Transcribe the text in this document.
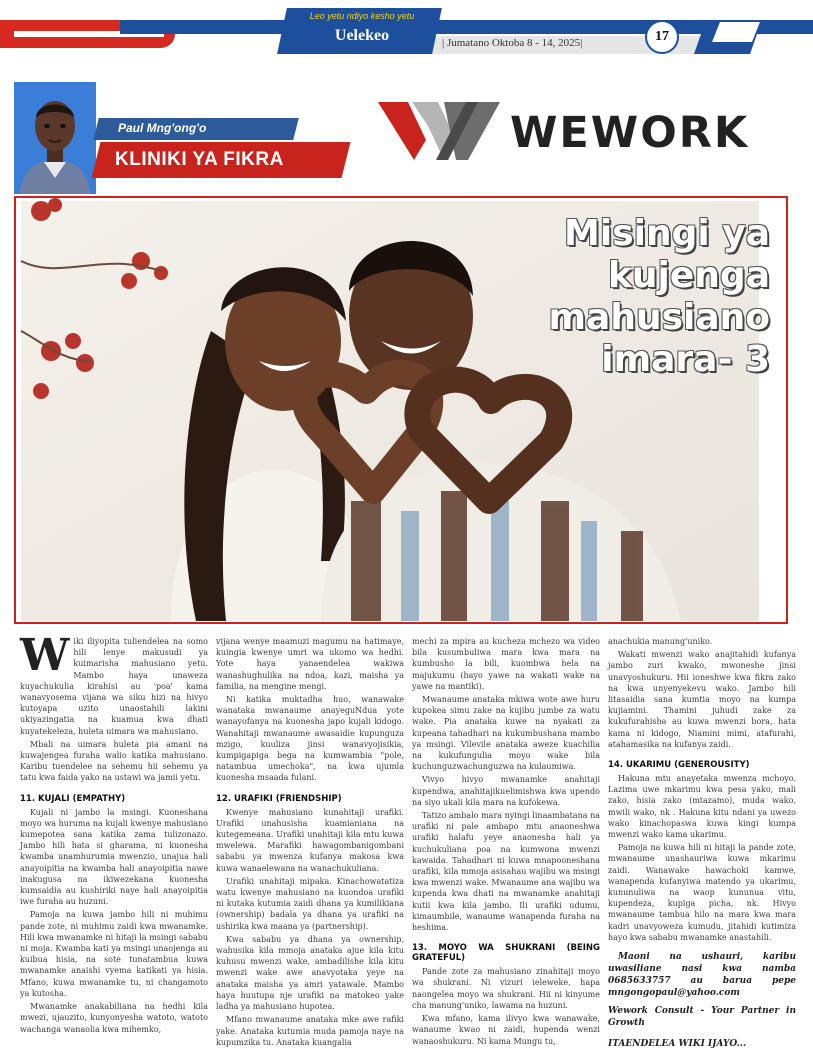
Leo yetu ndiyo kesho yetu
Uelekeo	| Jumatano Oktoba 8 - 14, 2025|	17
Paul Mng'ong'o
KLINIKI YA FIKRA
WEWORK
Misingi ya
kujenga
mahusiano
imara- 3

Wiki iliyopita tuliendelea na somo hili lenye makusudi ya kuimarisha mahusiano yetu. Mambo haya unaweza kuyachukulia kirahisi au 'poa' kama wanavyosema vijana wa siku hizi na hivyo kutoyapa uzito unaostahili lakini ukiyazingatia na kuamua kwa dhati kuyatekeleza, huleta uimara wa mahusiano.

Mbali na uimara huleta pia amani na kuwajengea furaha walio katika mahusiano. Karibu tuendelee na sehemu hii sehemu ya tatu kwa faida yako na ustawi wa jamii yetu.

11. KUJALI (EMPATHY)

Kujali ni jambo la msingi. Kuoneshana moyo wa huruma na kujali kwenye mahusiano kumepotea sana katika zama tulizonazo. Jambo hili hata si gharama, ni kuonesha kwamba unamhurumia mwenzio, unajua hali anayoipitia na kwamba hali anayoipitia nawe inakugusa na ikiwezekana kuonesha kumsaidia au kushiriki naye hali anayoipitia iwe furaha au huzuni.

Pamoja na kuwa jambo hili ni muhimu pande zote, ni muhimu zaidi kwa mwanamke. Hili kwa mwanamke ni hitaji la msingi sababu ni moja. Kwamba kati ya msingi unaojenga au kuibua hisia, na sote tunatambua kuwa mwanamke anaishi vyema katikati ya hisia. Mfano, kuwa mwanamke tu, ni changamoto ya kutosha.

Mwanamke anakabiliana na hedhi kila mwezi, ujauzito, kunyonyesha watoto, watoto wachanga wanaolia kwa mihemko,

vijana wenye maamuzi magumu na hatimaye, kuingia kwenye umri wa ukomo wa hedhi. Yote haya yanaendelea wakiwa wanashughulika na ndoa, kazi, maisha ya familia, na mengine mengi.

Ni katika muktadha huo, wanawake wanataka mwanaume anayeguNdua yote wanayofanya na kuonesha japo kujali kidogo. Wanahitaji mwanaume awasaidie kupunguza mzigo, kuuliza jinsi wanavyojisikia, kumpigapiga bega na kumwambia "pole, natambua umechoka", na kwa ujumla kuonesha msaada fulani.

12. URAFIKI (FRIENDSHIP)

Kwenye mahusiano kunahitaji urafiki. Urafiki unahusisha kuamianiana na kutegemeana. Urafiki unahitaji kila mtu kuwa mwelewa. Marafiki hawagombanigombani sababu ya mwenza kufanya makosa kwa kuwa wanaelewana na wanachukuliana.

Urafiki unahitaji mipaka. Kinachowatatiza watu kwenye mahusiano na kuondoa urafiki ni kutaka kutumia zaidi dhana ya kumilikiana (ownership) badala ya dhana ya urafiki na ushirika kwa maana ya (partnership).

Kwa sababu ya dhana ya ownership, wahusika kila mmoja anataka ajue kila kitu kuhusu mwenzi wake, ambadilishe kila kitu mwenzi wake awe anavyotaka yeye na anataka maisha ya amri yatawale. Mambo haya huutupa nje urafiki na matokeo yake ladha ya mahusiano hupotea.

Mfano mwanaume anataka mke awe rafiki yake. Anataka kutumia muda pamoja naye na kupumzika tu. Anataka kuangalia

mechi za mpira au kucheza mchezo wa video bila kusumbuliwa mara kwa mara na kumbusho la bili, kuombwa hela na majukumu (hayo yawe na wakati wake na yawe na mantiki).

Mwanaume anataka mkiwa wote awe huru kupokea simu zake na kujibu jumbe za watu wake. Pia anataka kuwe na nyakati za kupeana tahadhari na kukumbushana mambo ya msingi. Vilevile anataka aweze kuachilia na kukufungulia moyo wake bila kuchunguzwachunguzwa na kulaumiwa.

Vivyo hivyo mwanamke anahitaji kupendwa, anahitajikuelimishwa kwa upendo na siyo ukali kila mara na kufokewa.

Tatizo ambalo mara nyingi linaambatana na urafiki ni pale ambapo mtu anaoneshwa urafiki halafu yeye anaonesha hali ya kuchukuliana poa na kumwona mwenzi kawaida. Tahadhari ni kuwa mnapooneshana urafiki, kila mmoja asisahau wajibu wa msingi kwa mwenzi wake. Mwanaume ana wajibu wa kupenda kwa dhati na mwanamke anahitaji kutii kwa kila jambo. Ili urafiki udumu, kimaumbile, wanaume wanapenda furaha na heshima.

13. MOYO WA SHUKRANI (BEING GRATEFUL)

Pande zote za mahusiano zinahitaji moyo wa shukrani. Ni vizuri ieleweke, hapa naongelea moyo wa shukrani. Hii ni kinyume cha manung'uniko, lawama na huzuni.

Kwa mfano, kama ilivyo kwa wanawake, wanaume kwao ni zaidi, hupenda wenzi wanaoshukuru. Ni kama Mungu tu,

anachukia manung'uniko.

Wakati mwenzi wako anajitahidi kufanya jambo zuri kwako, mwoneshe jinsi unavyoshukuru. Hii ioneshwe kwa fikra zako na kwa unyenyekevu wako. Jambo hili litasaidia sana kumtia moyo na kumpa kujiamini. Thamini juhudi zake za kukufurahisha au kuwa mwenzi bora, hata kama ni kidogo, Niamini mimi, atafurahi, atahamasika na kufanya zaidi.

14. UKARIMU (GENEROUSITY)

Hakuna mtu anayetaka mwenza mchoyo. Lazima uwe mkarimu kwa pesa yako, mali zako, hisia zako (mtazamo), muda wako, mwili wako, nk . Hakuna kitu ndani ya uwezo wako kinachopaswa kuwa kingi kumpa mwenzi wako kama ukarimu.

Pamoja na kuwa hili ni hitaji la pande zote, mwanaume unashauriwa kuwa mkarimu zaidi. Wanawake hawachoki kamwe, wanapenda kufanyiwa matendo ya ukarimu, kununuliwa na waop kununua vitu, kupendeza, kupiga picha, nk. Hivyo mwanaume tambua hilo na mara kwa mara kadri unavyoweza kumudu, jitahidi kutimiza hayo kwa sababu mwanamke anastahili.

Maoni na ushauri, karibu uwasiliane nasi kwa namba 0685633757 au barua pepe mngongopaul@yahoo.com
Wework Consult - Your Partner in Growth
ITAENDELEA WIKI IJAYO...
